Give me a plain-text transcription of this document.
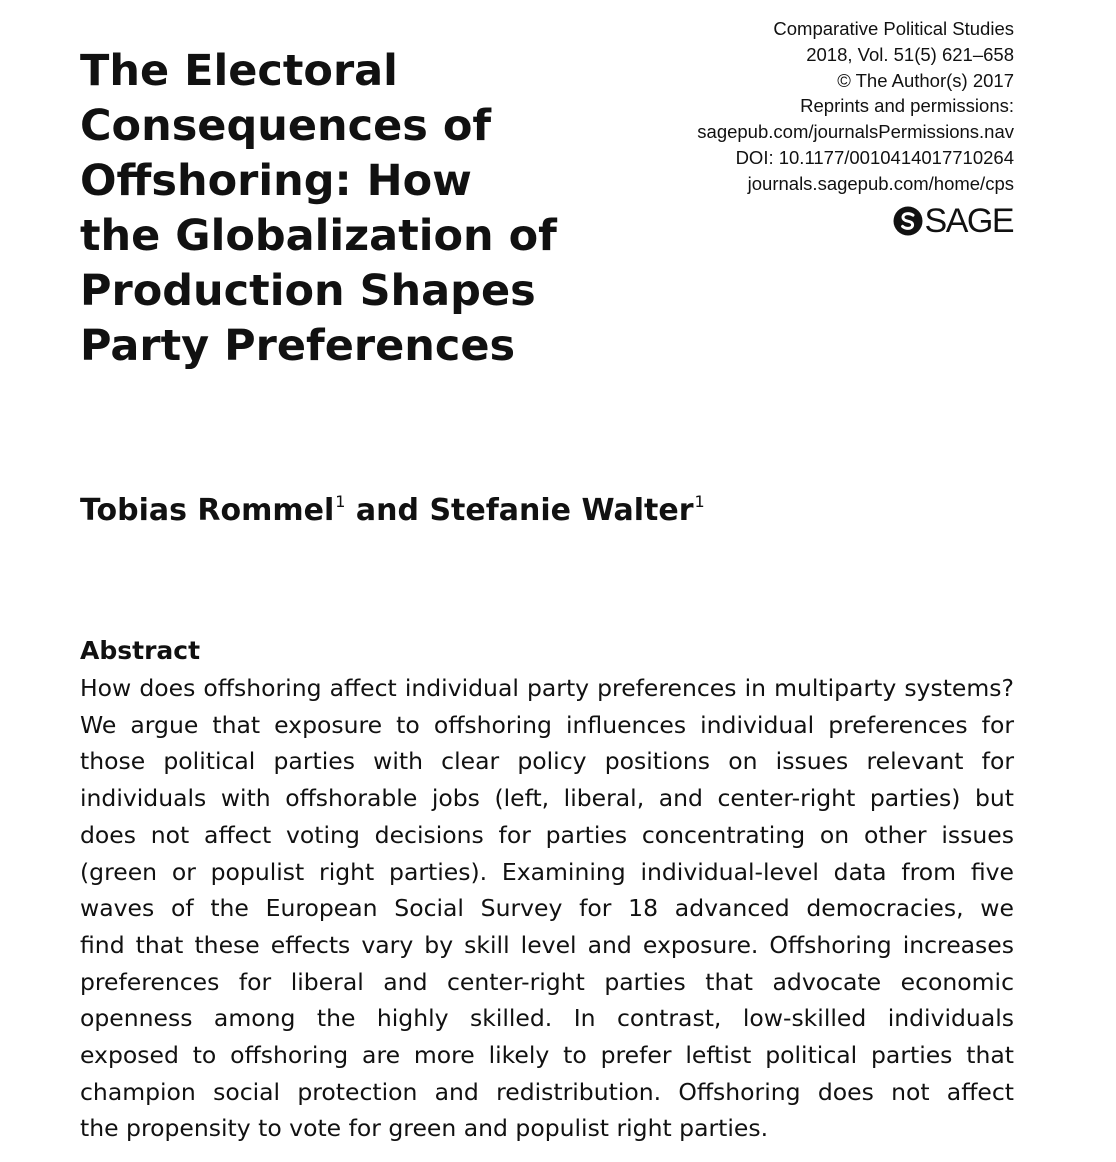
Comparative Political Studies
2018, Vol. 51(5) 621–658
© The Author(s) 2017
Reprints and permissions:
sagepub.com/journalsPermissions.nav
DOI: 10.1177/0010414017710264
journals.sagepub.com/home/cps
SAGE
The Electoral
Consequences of
Offshoring: How
the Globalization of
Production Shapes
Party Preferences
Tobias Rommel$^1$ and Stefanie Walter$^1$
Abstract
How does offshoring affect individual party preferences in multiparty systems?
We argue that exposure to offshoring influences individual preferences for
those political parties with clear policy positions on issues relevant for
individuals with offshorable jobs (left, liberal, and center-right parties) but
does not affect voting decisions for parties concentrating on other issues
(green or populist right parties). Examining individual-level data from five
waves of the European Social Survey for 18 advanced democracies, we
find that these effects vary by skill level and exposure. Offshoring increases
preferences for liberal and center-right parties that advocate economic
openness among the highly skilled. In contrast, low-skilled individuals
exposed to offshoring are more likely to prefer leftist political parties that
champion social protection and redistribution. Offshoring does not affect
the propensity to vote for green and populist right parties.
